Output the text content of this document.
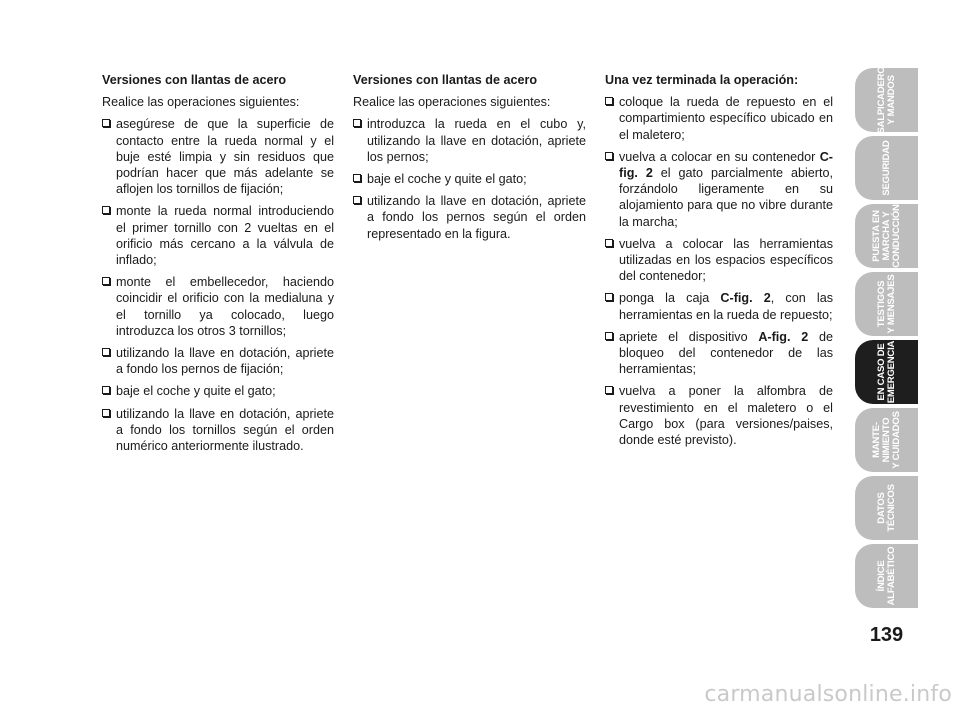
Versiones con llantas de acero

Realice las operaciones siguientes:

asegúrese de que la superficie de contacto entre la rueda normal y el buje esté limpia y sin residuos que podrían hacer que más adelante se aflojen los tornillos de fijación;
monte la rueda normal introduciendo el primer tornillo con 2 vueltas en el orificio más cercano a la válvula de inflado;
monte el embellecedor, haciendo coincidir el orificio con la medialuna y el tornillo ya colocado, luego introduzca los otros 3 tornillos;
utilizando la llave en dotación, apriete a fondo los pernos de fijación;
baje el coche y quite el gato;
utilizando la llave en dotación, apriete a fondo los tornillos según el orden numérico anteriormente ilustrado.

Versiones con llantas de acero

Realice las operaciones siguientes:

introduzca la rueda en el cubo y, utilizando la llave en dotación, apriete los pernos;
baje el coche y quite el gato;
utilizando la llave en dotación, apriete a fondo los pernos según el orden representado en la figura.

Una vez terminada la operación:

coloque la rueda de repuesto en el compartimiento específico ubicado en el maletero;
vuelva a colocar en su contenedor C-fig. 2 el gato parcialmente abierto, forzándolo ligeramente en su alojamiento para que no vibre durante la marcha;
vuelva a colocar las herramientas utilizadas en los espacios específicos del contenedor;
ponga la caja C-fig. 2, con las herramientas en la rueda de repuesto;
apriete el dispositivo A-fig. 2 de bloqueo del contenedor de las herramientas;
vuelva a poner la alfombra de revestimiento en el maletero o el Cargo box (para versiones/paises, donde esté previsto).
SALPICADERO
Y MANDOS
SEGURIDAD
PUESTA EN
MARCHA Y
CONDUCCIÓN
TESTIGOS
Y MENSAJES
EN CASO DE
EMERGENCIA
MANTE-
NIMIENTO
Y CUIDADOS
DATOS
TÉCNICOS
ÍNDICE
ALFABÉTICO
139
carmanualsonline.info
